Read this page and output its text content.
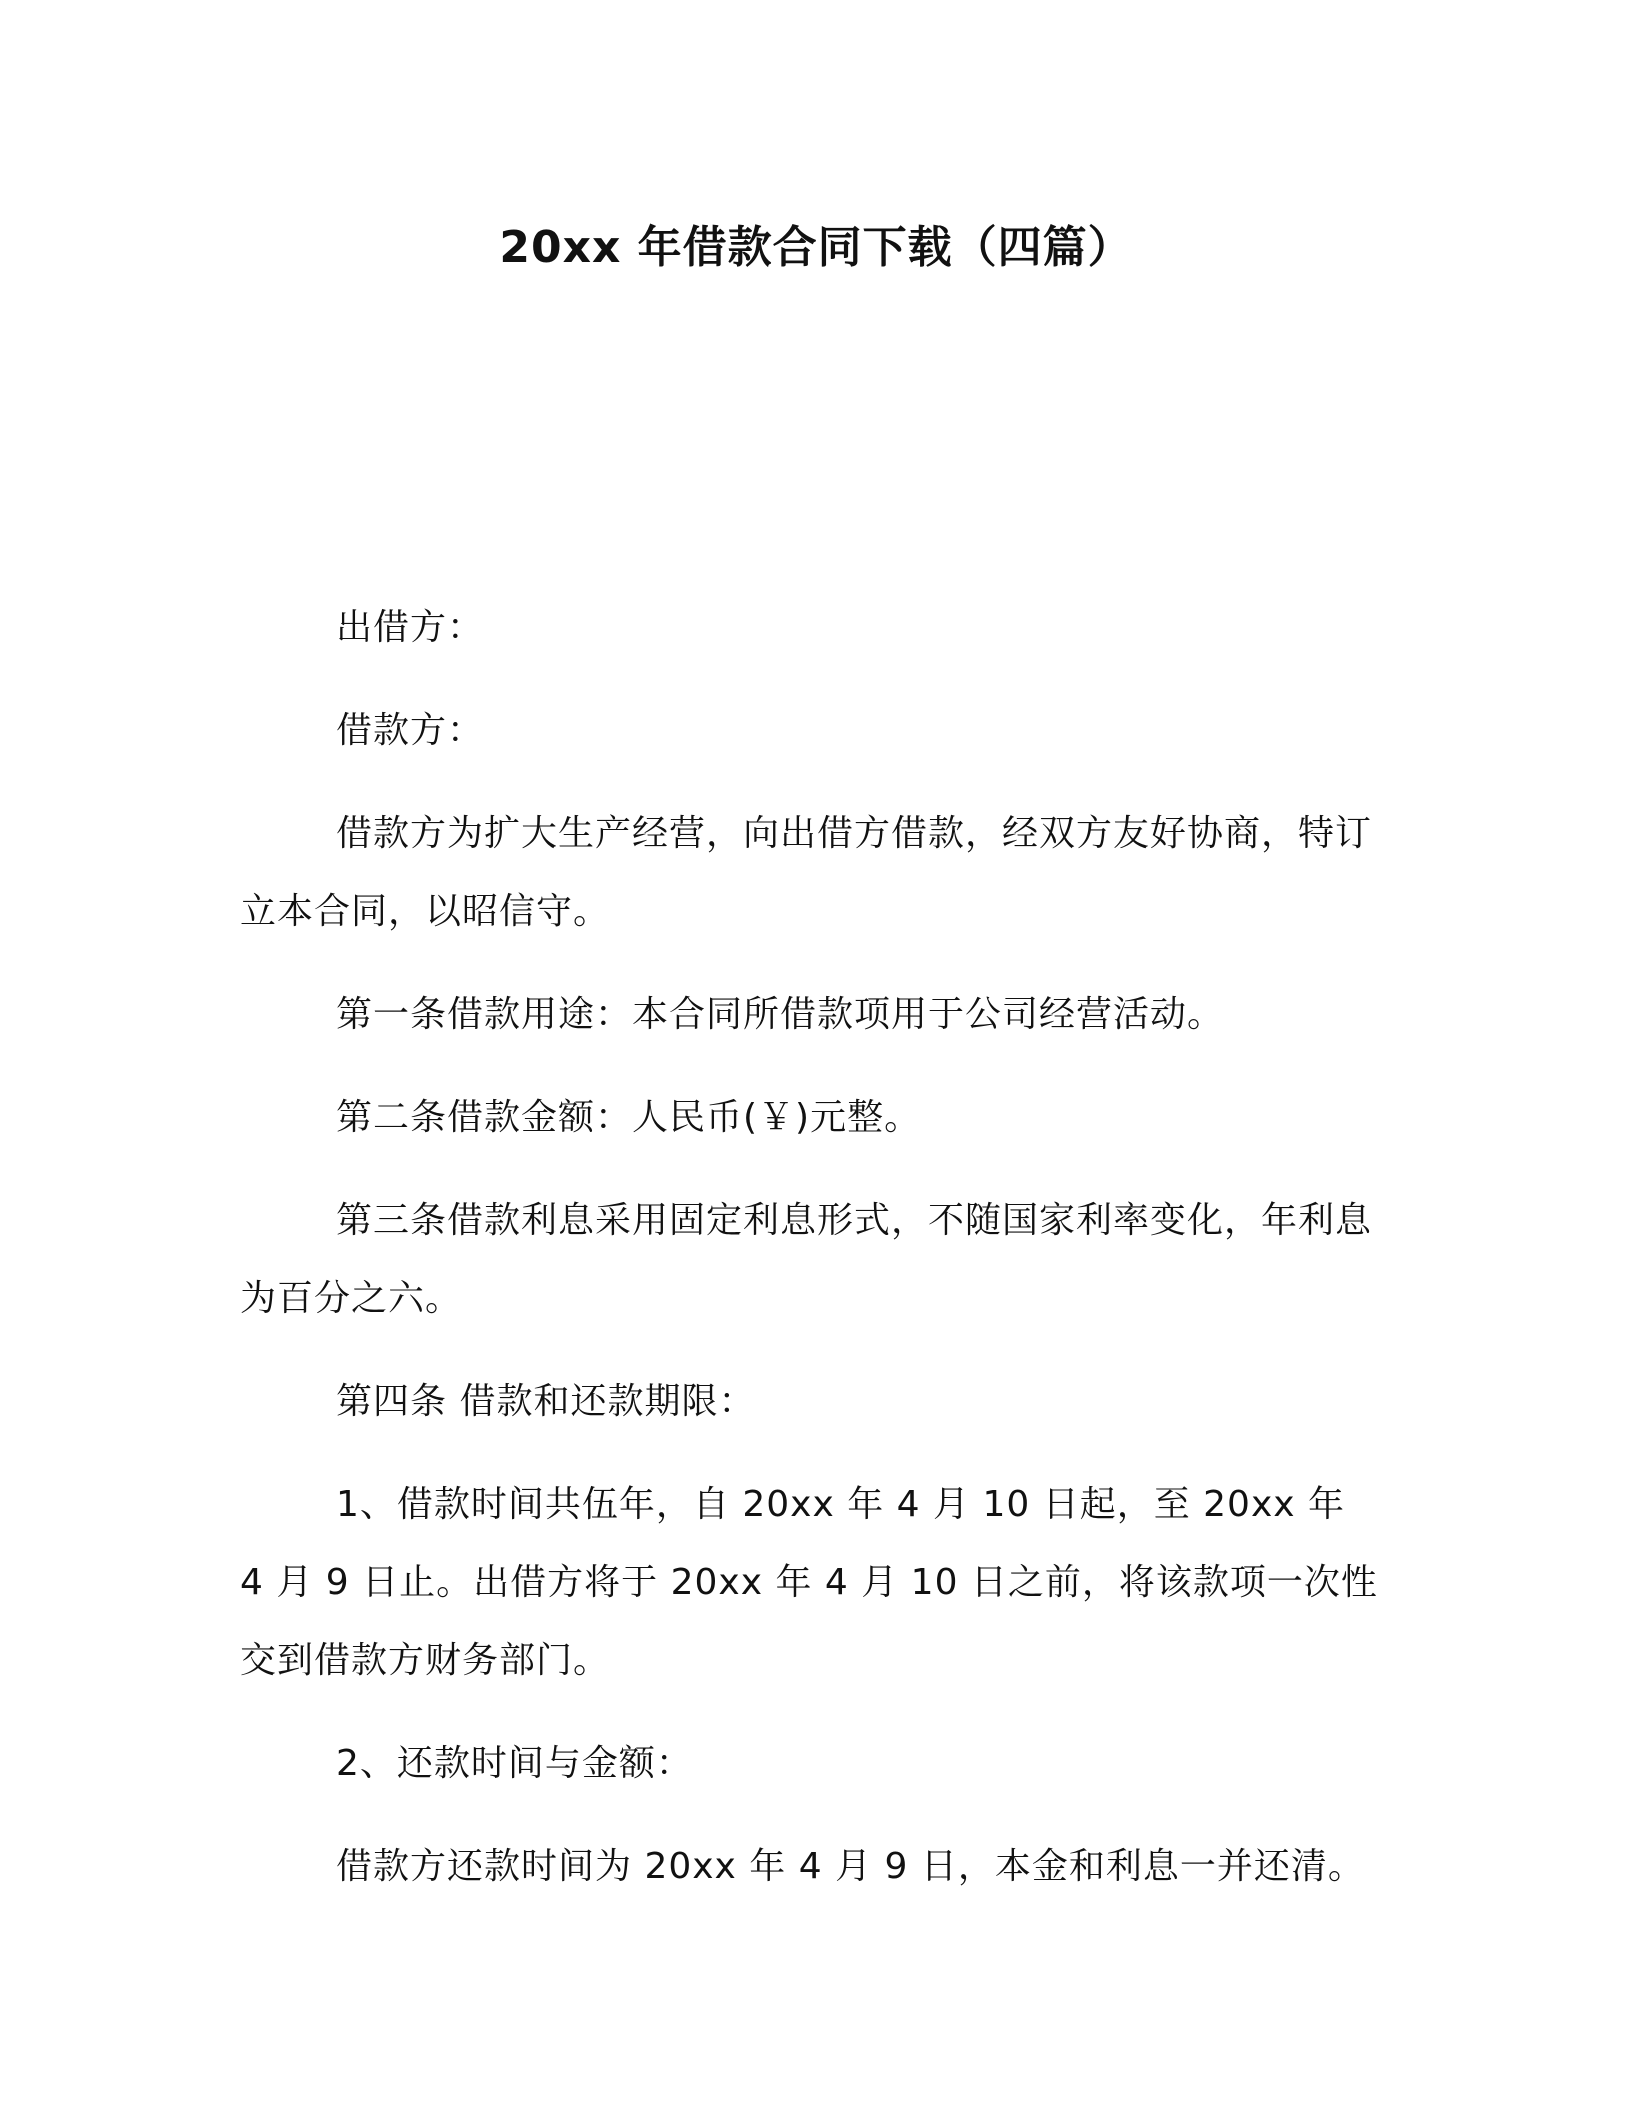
20xx 年借款合同下载（四篇）

出借方：

借款方：

借款方为扩大生产经营，向出借方借款，经双方友好协商，特订立本合同，以昭信守。

第一条借款用途：本合同所借款项用于公司经营活动。

第二条借款金额：人民币(￥)元整。

第三条借款利息采用固定利息形式，不随国家利率变化，年利息为百分之六。

第四条 借款和还款期限：

1、借款时间共伍年，自 20xx 年 4 月 10 日起，至 20xx 年 4 月 9 日止。出借方将于 20xx 年 4 月 10 日之前，将该款项一次性交到借款方财务部门。

2、还款时间与金额：

借款方还款时间为 20xx 年 4 月 9 日，本金和利息一并还清。
